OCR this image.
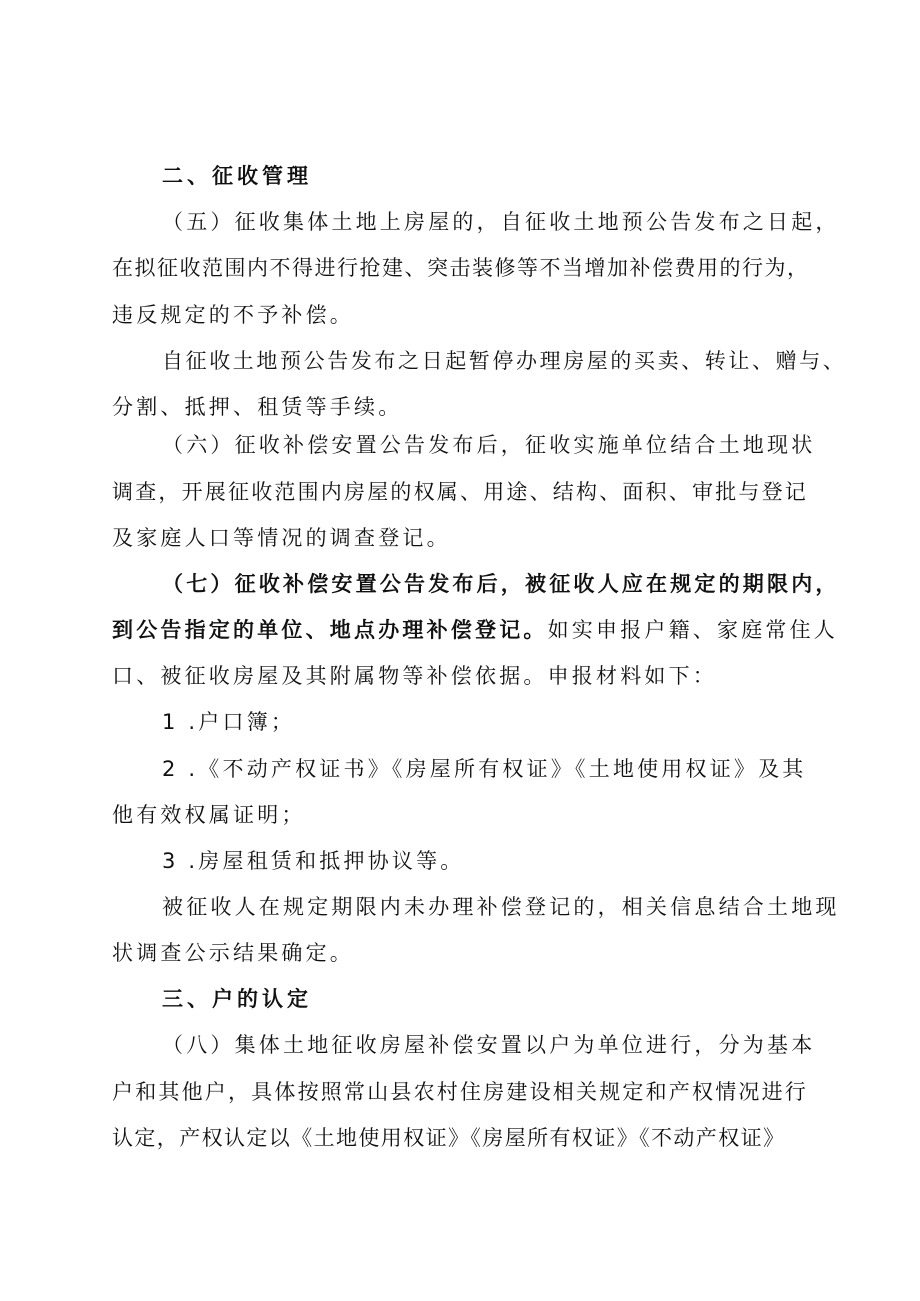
二、征收管理
（五）征收集体土地上房屋的，自征收土地预公告发布之日起，
在拟征收范围内不得进行抢建、突击装修等不当增加补偿费用的行为，
违反规定的不予补偿。
自征收土地预公告发布之日起暂停办理房屋的买卖、转让、赠与、
分割、抵押、租赁等手续。
（六）征收补偿安置公告发布后，征收实施单位结合土地现状
调查，开展征收范围内房屋的权属、用途、结构、面积、审批与登记
及家庭人口等情况的调查登记。
（七）征收补偿安置公告发布后，被征收人应在规定的期限内，
到公告指定的单位、地点办理补偿登记。如实申报户籍、家庭常住人
口、被征收房屋及其附属物等补偿依据。申报材料如下：
1 .户口簿；
2 .《不动产权证书》《房屋所有权证》《土地使用权证》及其
他有效权属证明；
3 .房屋租赁和抵押协议等。
被征收人在规定期限内未办理补偿登记的，相关信息结合土地现
状调查公示结果确定。
三、户的认定
（八）集体土地征收房屋补偿安置以户为单位进行，分为基本
户和其他户，具体按照常山县农村住房建设相关规定和产权情况进行
认定，产权认定以《土地使用权证》《房屋所有权证》《不动产权证》
